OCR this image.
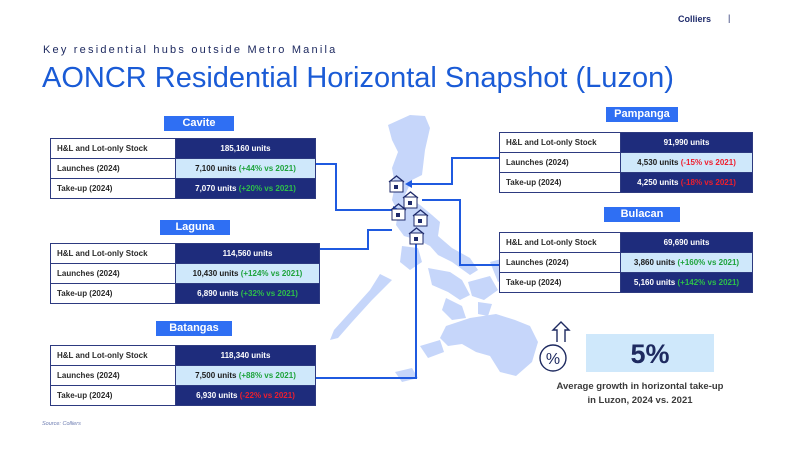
Colliers |
Key residential hubs outside Metro Manila
AONCR Residential Horizontal Snapshot (Luzon)
Cavite
H&L and Lot-only Stock	185,160 units
Launches (2024)	7,100 units (+44% vs 2021)
Take-up (2024)	7,070 units (+20% vs 2021)
Laguna
H&L and Lot-only Stock	114,560 units
Launches (2024)	10,430 units (+124% vs 2021)
Take-up (2024)	6,890 units (+32% vs 2021)
Batangas
H&L and Lot-only Stock	118,340 units
Launches (2024)	7,500 units (+88% vs 2021)
Take-up (2024)	6,930 units (-22% vs 2021)
Pampanga
H&L and Lot-only Stock	91,990 units
Launches (2024)	4,530 units (-15% vs 2021)
Take-up (2024)	4,250 units (-18% vs 2021)
Bulacan
H&L and Lot-only Stock	69,690 units
Launches (2024)	3,860 units (+160% vs 2021)
Take-up (2024)	5,160 units (+142% vs 2021)
%	5%
Average growth in horizontal take-up
in Luzon, 2024 vs. 2021
Source: Colliers
